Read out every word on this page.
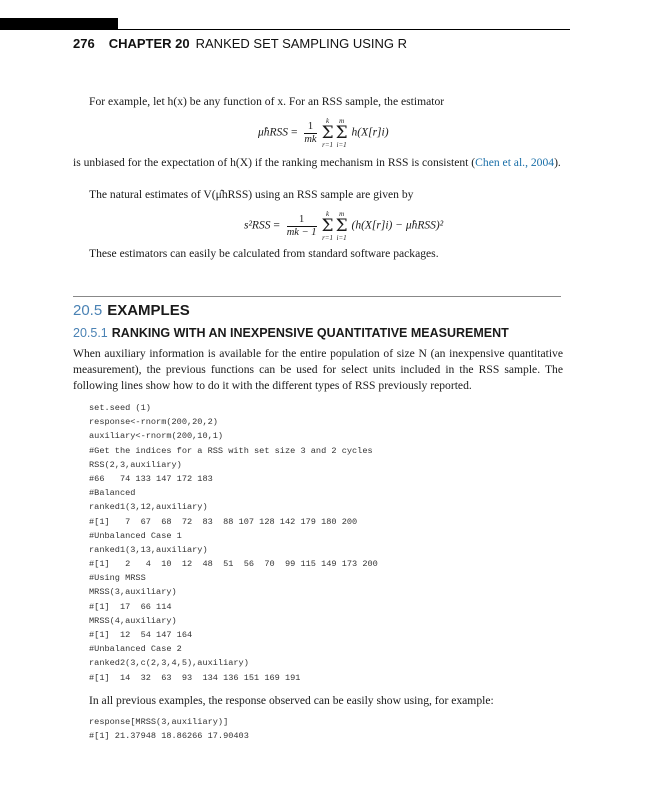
276 CHAPTER 20 RANKED SET SAMPLING USING R

For example, let h(x) be any function of x. For an RSS sample, the estimator

μ̂hRSS = $\frac{1}{mk}$	k
Σ
r=1
m
Σ
i=1
h(X[r]i)

is unbiased for the expectation of h(X) if the ranking mechanism in RSS is consistent (Chen et al., 2004).

The natural estimates of V(μ̂hRSS) using an RSS sample are given by

$s^2RSS = \frac{1}{mk - 1}$	k
Σ
r=1
m
Σ
i=1
(h(X[r]i) − μ̂hRSS)²

These estimators can easily be calculated from standard software packages.

20.5 EXAMPLES
20.5.1 RANKING WITH AN INEXPENSIVE QUANTITATIVE MEASUREMENT

When auxiliary information is available for the entire population of size N (an inexpensive quantitative measurement), the previous functions can be used for select units included in the RSS sample. The following lines show how to do it with the different types of RSS previously reported.

set.seed (1)
response<-rnorm(200,20,2)
auxiliary<-rnorm(200,10,1)
#Get the indices for a RSS with set size 3 and 2 cycles
RSS(2,3,auxiliary)
#66   74 133 147 172 183
#Balanced
ranked1(3,12,auxiliary)
#[1]   7  67  68  72  83  88 107 128 142 179 180 200
#Unbalanced Case 1
ranked1(3,13,auxiliary)
#[1]   2   4  10  12  48  51  56  70  99 115 149 173 200
#Using MRSS
MRSS(3,auxiliary)
#[1]  17  66 114
MRSS(4,auxiliary)
#[1]  12  54 147 164
#Unbalanced Case 2
ranked2(3,c(2,3,4,5),auxiliary)
#[1]  14  32  63  93  134 136 151 169 191

In all previous examples, the response observed can be easily show using, for example:

response[MRSS(3,auxiliary)]
#[1] 21.37948 18.86266 17.90403
